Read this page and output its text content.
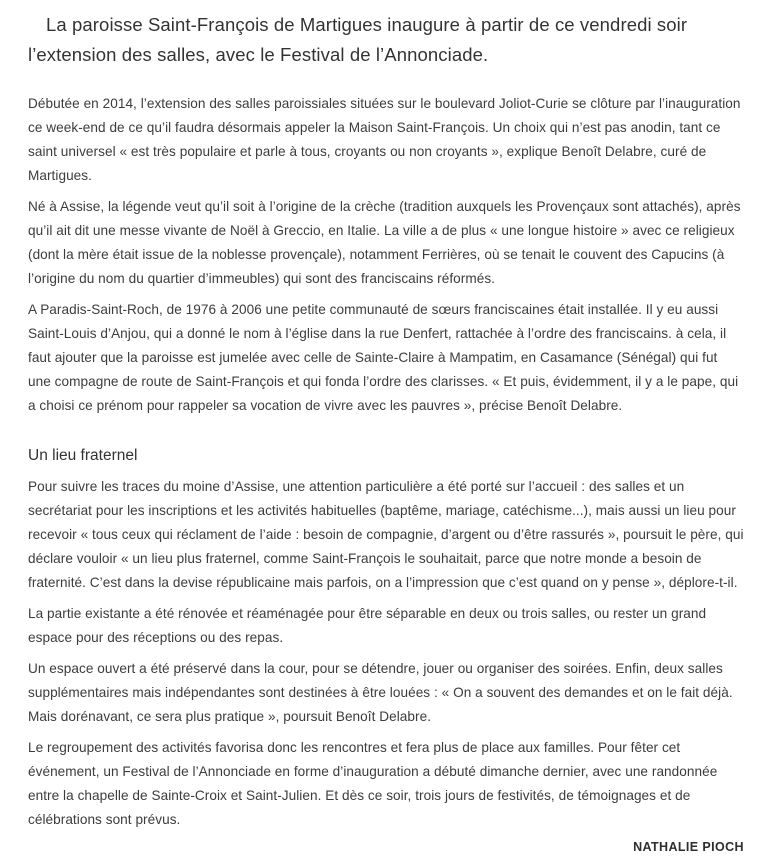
La paroisse Saint-François de Martigues inaugure à partir de ce vendredi soir l’extension des salles, avec le Festival de l’Annonciade.

Débutée en 2014, l’extension des salles paroissiales situées sur le boulevard Joliot-Curie se clôture par l’inauguration ce week-end de ce qu’il faudra désormais appeler la Maison Saint-François. Un choix qui n’est pas anodin, tant ce saint universel « est très populaire et parle à tous, croyants ou non croyants », explique Benoît Delabre, curé de Martigues.

Né à Assise, la légende veut qu’il soit à l’origine de la crèche (tradition auxquels les Provençaux sont attachés), après qu’il ait dit une messe vivante de Noël à Greccio, en Italie. La ville a de plus « une longue histoire » avec ce religieux (dont la mère était issue de la noblesse provençale), notamment Ferrières, où se tenait le couvent des Capucins (à l’origine du nom du quartier d’immeubles) qui sont des franciscains réformés.

A Paradis-Saint-Roch, de 1976 à 2006 une petite communauté de sœurs franciscaines était installée. Il y eu aussi Saint-Louis d’Anjou, qui a donné le nom à l’église dans la rue Denfert, rattachée à l’ordre des franciscains. à cela, il faut ajouter que la paroisse est jumelée avec celle de Sainte-Claire à Mampatim, en Casamance (Sénégal) qui fut une compagne de route de Saint-François et qui fonda l’ordre des clarisses. « Et puis, évidemment, il y a le pape, qui a choisi ce prénom pour rappeler sa vocation de vivre avec les pauvres », précise Benoît Delabre.

Un lieu fraternel

Pour suivre les traces du moine d’Assise, une attention particulière a été porté sur l’accueil : des salles et un secrétariat pour les inscriptions et les activités habituelles (baptême, mariage, catéchisme...), mais aussi un lieu pour recevoir « tous ceux qui réclament de l’aide : besoin de compagnie, d’argent ou d’être rassurés », poursuit le père, qui déclare vouloir « un lieu plus fraternel, comme Saint-François le souhaitait, parce que notre monde a besoin de fraternité. C’est dans la devise républicaine mais parfois, on a l’impression que c’est quand on y pense », déplore-t-il.

La partie existante a été rénovée et réaménagée pour être séparable en deux ou trois salles, ou rester un grand espace pour des réceptions ou des repas.

Un espace ouvert a été préservé dans la cour, pour se détendre, jouer ou organiser des soirées. Enfin, deux salles supplémentaires mais indépendantes sont destinées à être louées : « On a souvent des demandes et on le fait déjà. Mais dorénavant, ce sera plus pratique », poursuit Benoît Delabre.

Le regroupement des activités favorisa donc les rencontres et fera plus de place aux familles. Pour fêter cet événement, un Festival de l’Annonciade en forme d’inauguration a débuté dimanche dernier, avec une randonnée entre la chapelle de Sainte-Croix et Saint-Julien. Et dès ce soir, trois jours de festivités, de témoignages et de célébrations sont prévus.

NATHALIE PIOCH
